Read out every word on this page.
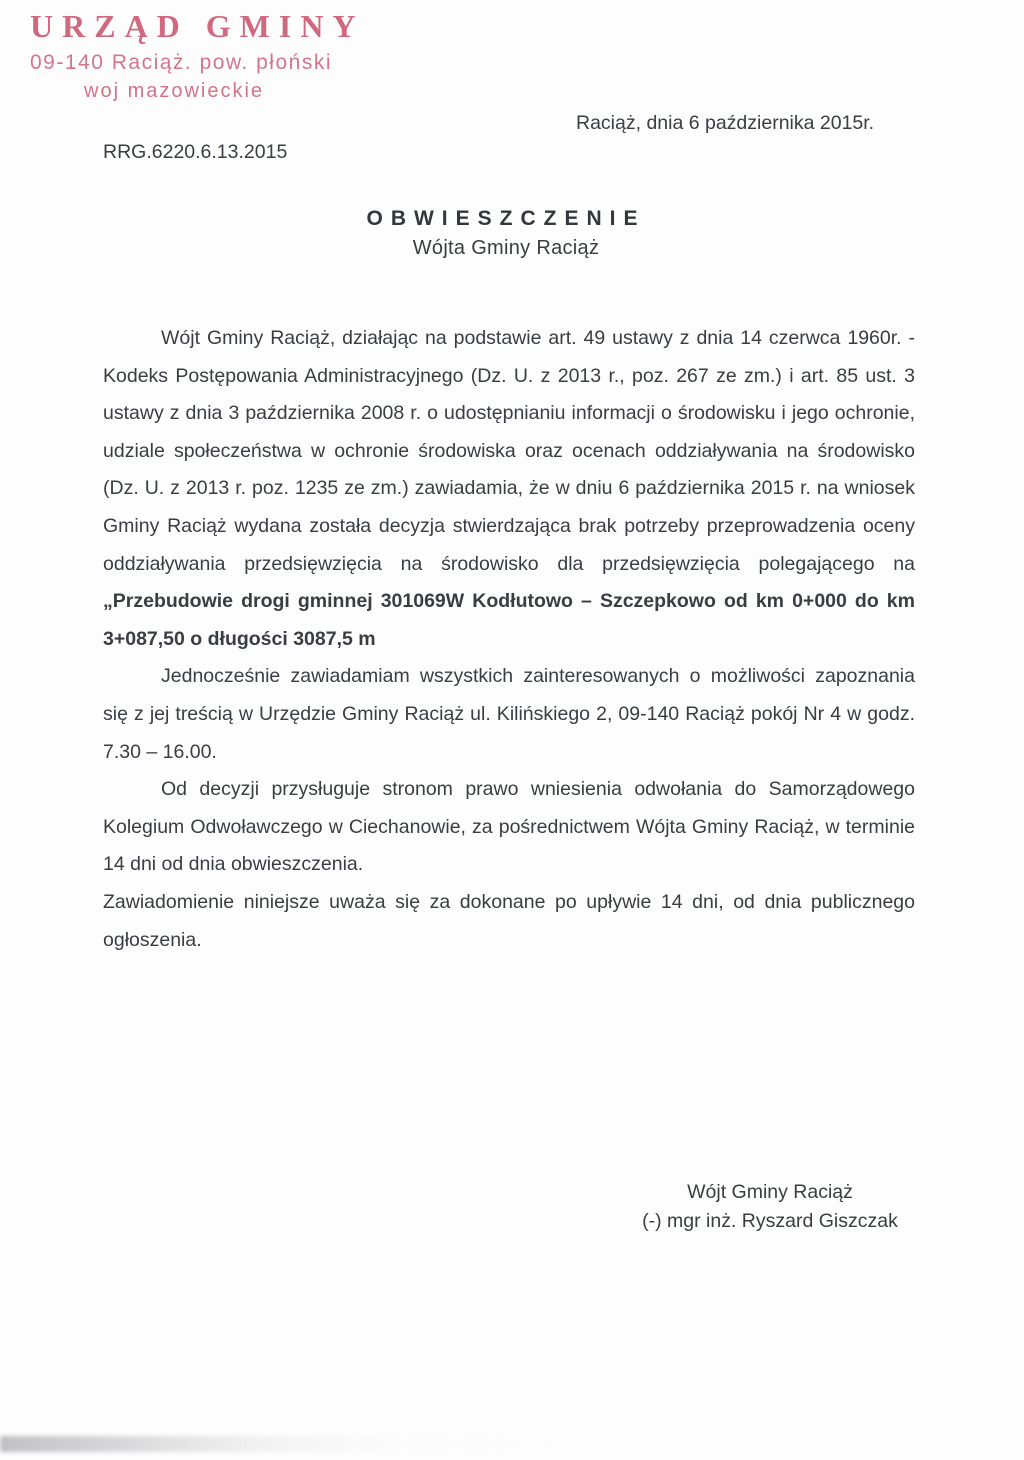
URZĄD GMINY
09-140 Raciąż. pow. płoński
woj mazowieckie
Raciąż, dnia 6 października 2015r.
RRG.6220.6.13.2015
OBWIESZCZENIE
Wójta Gminy Raciąż

Wójt Gminy Raciąż, działając na podstawie art. 49 ustawy z dnia 14 czerwca 1960r. - Kodeks Postępowania Administracyjnego (Dz. U. z 2013 r., poz. 267 ze zm.) i art. 85 ust. 3 ustawy z dnia 3 października 2008 r. o udostępnianiu informacji o środowisku i jego ochronie, udziale społeczeństwa w ochronie środowiska oraz ocenach oddziaływania na środowisko (Dz. U. z 2013 r. poz. 1235 ze zm.) zawiadamia, że w dniu 6 października 2015 r. na wniosek Gminy Raciąż wydana została decyzja stwierdzająca brak potrzeby przeprowadzenia oceny oddziaływania przedsięwzięcia na środowisko dla przedsięwzięcia polegającego na „Przebudowie drogi gminnej 301069W Kodłutowo – Szczepkowo od km 0+000 do km 3+087,50 o długości 3087,5 m

Jednocześnie zawiadamiam wszystkich zainteresowanych o możliwości zapoznania się z jej treścią w Urzędzie Gminy Raciąż ul. Kilińskiego 2, 09-140 Raciąż pokój Nr 4 w godz. 7.30 – 16.00.

Od decyzji przysługuje stronom prawo wniesienia odwołania do Samorządowego Kolegium Odwoławczego w Ciechanowie, za pośrednictwem Wójta Gminy Raciąż, w terminie 14 dni od dnia obwieszczenia.

Zawiadomienie niniejsze uważa się za dokonane po upływie 14 dni, od dnia publicznego ogłoszenia.

Wójt Gminy Raciąż
(-) mgr inż. Ryszard Giszczak
